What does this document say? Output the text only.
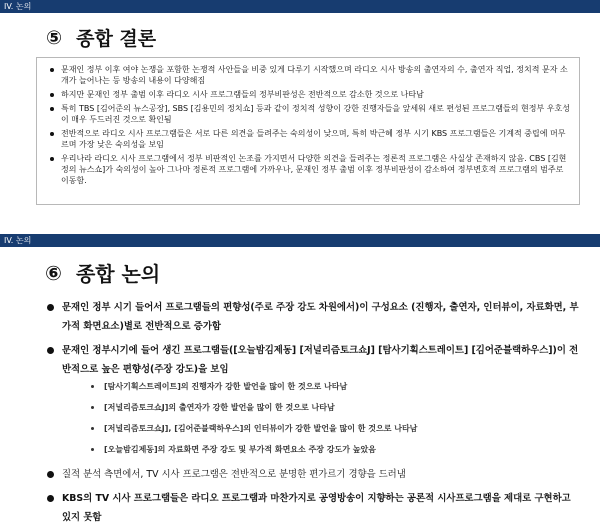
IV. 논의
⑤ 종합 결론
문재인 정부 이후 여야 논쟁을 포함한 논쟁적 사안들을 비중 있게 다루기 시작했으며 라디오 시사 방송의 출연자의 수, 출연자 직업, 정치적 문자 소개가 늘어나는 등 방송의 내용이 다양해짐
하지만 문재인 정부 출범 이후 라디오 시사 프로그램들의 정부비판성은 전반적으로 감소한 것으로 나타남
특히 TBS [김어준의 뉴스공장], SBS [김용민의 정치쇼] 등과 같이 정치적 성향이 강한 진행자들을 앞세워 새로 편성된 프로그램들의 현정부 우호성이 매우 두드러진 것으로 확인됨
전반적으로 라디오 시사 프로그램들은 서로 다른 의견을 들려주는 숙의성이 낮으며, 특히 박근혜 정부 시기 KBS 프로그램들은 기계적 중립에 머무르며 가장 낮은 숙의성을 보임
우리나라 라디오 시사 프로그램에서 정부 비판적인 논조를 가지면서 다양한 의견을 들려주는 정론적 프로그램은 사실상 존재하지 않음. CBS [김현정의 뉴스쇼]가 숙의성이 높아 그나마 정론적 프로그램에 가까우나, 문재인 정부 출범 이후 정부비판성이 감소하여 정부변호적 프로그램의 범주로 이동함.
IV. 논의
⑥ 종합 논의
문재인 정부 시기 들어서 프로그램들의 편향성(주로 주장 강도 차원에서)이 구성요소 (진행자, 출연자, 인터뷰이, 자료화면, 부가적 화면요소)별로 전반적으로 증가함
문재인 정부시기에 들어 생긴 프로그램들([오늘밤김제동] [저널리즘토크쇼J] [탐사기획스트레이트] [김어준블랙하우스])이 전반적으로 높은 편향성(주장 강도)을 보임
[탐사기획스트레이트]의 진행자가 강한 발언을 많이 한 것으로 나타남
[저널리즘토크쇼J]의 출연자가 강한 발언을 많이 한 것으로 나타남
[저널리즘토크쇼J], [김어준블랙하우스]의 인터뷰이가 강한 발언을 많이 한 것으로 나타남
[오늘밤김제동]의 자료화면 주장 강도 및 부가적 화면요소 주장 강도가 높았음
질적 분석 측면에서, TV 시사 프로그램은 전반적으로 분명한 편가르기 경향을 드러냄
KBS의 TV 시사 프로그램들은 라디오 프로그램과 마찬가지로 공영방송이 지향하는 공론적 시사프로그램을 제대로 구현하고 있지 못함
